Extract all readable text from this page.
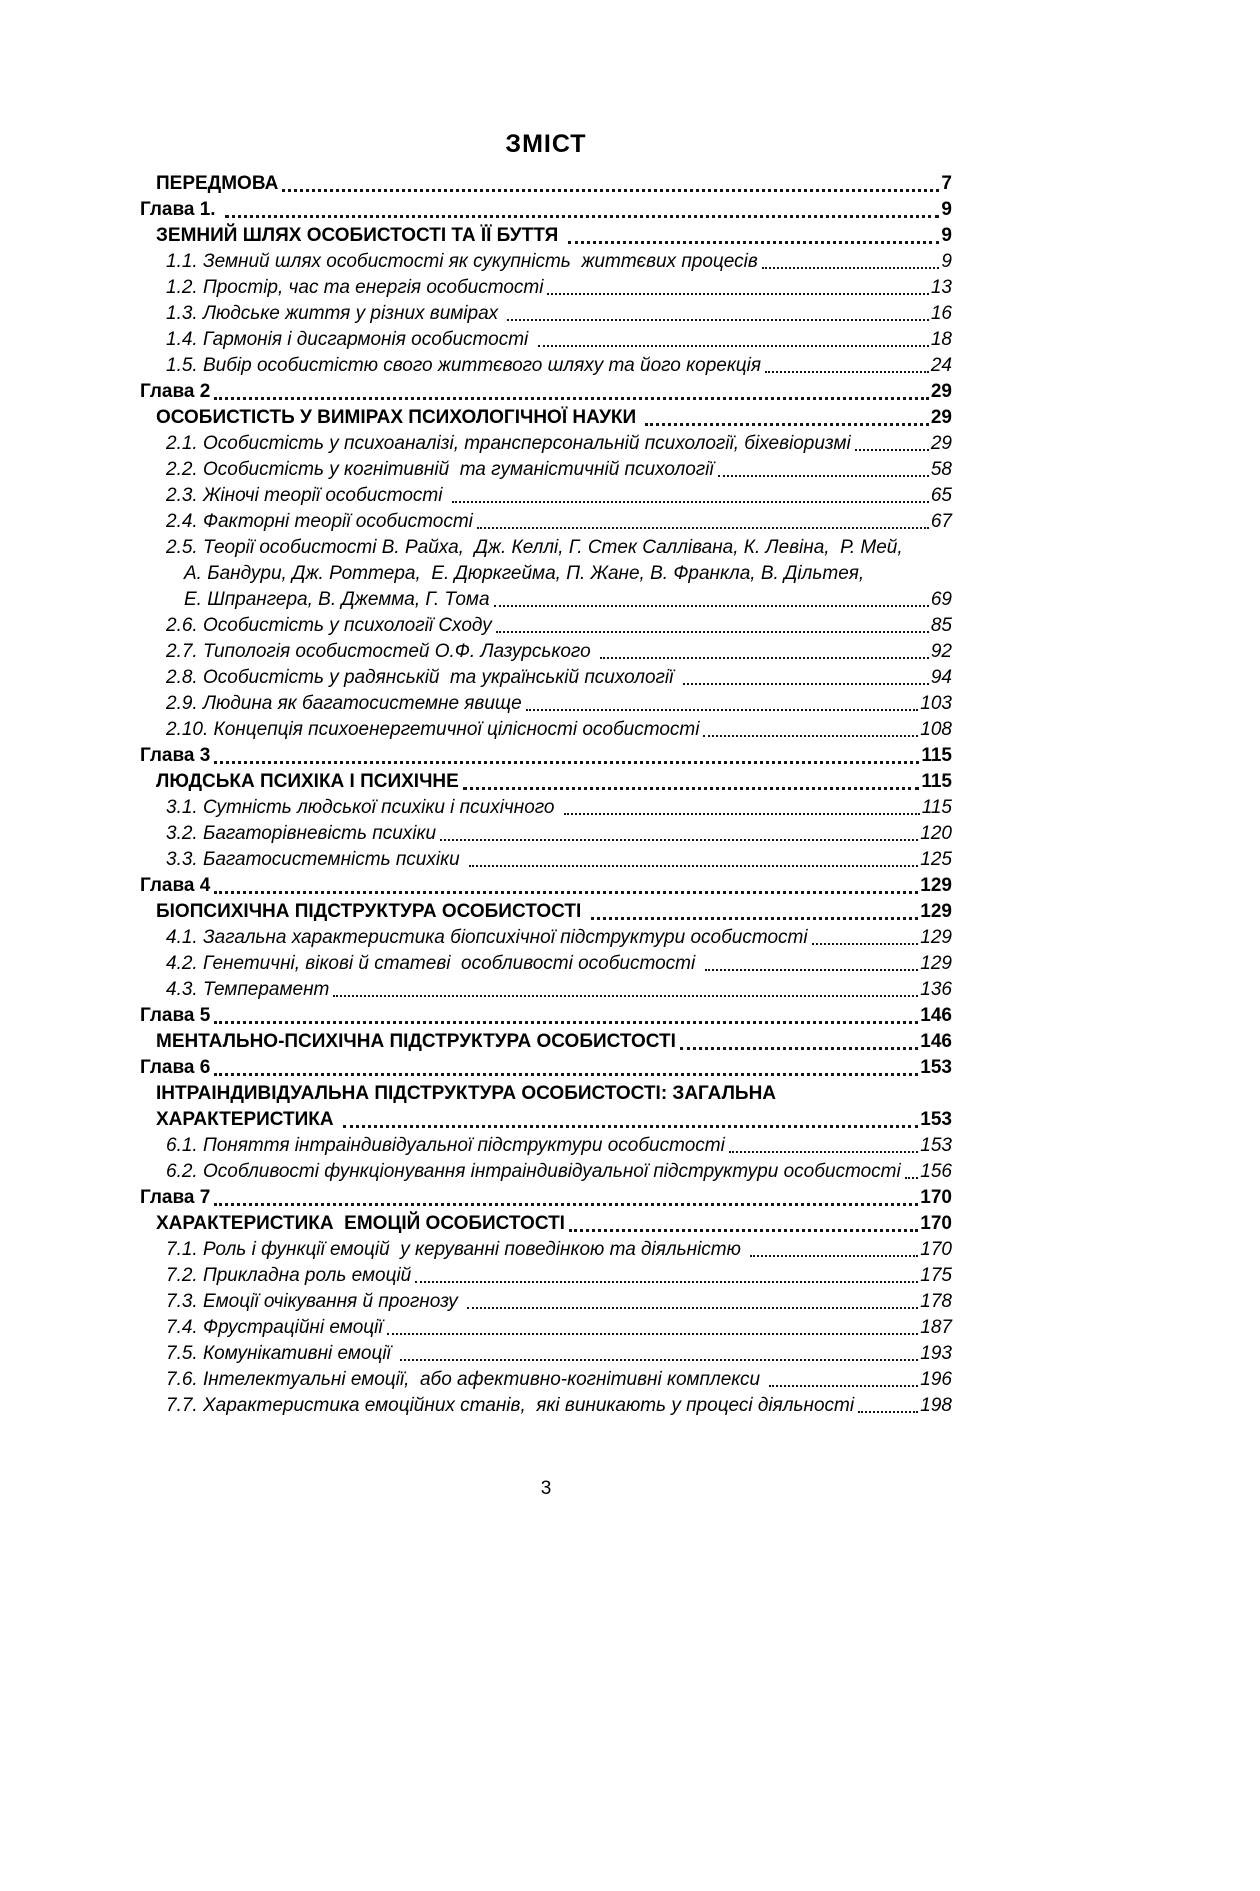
ЗМІСТ
ПЕРЕДМОВА	7
Глава 1.	9
ЗЕМНИЙ ШЛЯХ ОСОБИСТОСТІ ТА ЇЇ БУТТЯ	9
1.1. Земний шлях особистості як сукупність  життєвих процесів	9
1.2. Простір, час та енергія особистості	13
1.3. Людське життя у різних вимірах	16
1.4. Гармонія і дисгармонія особистості	18
1.5. Вибір особистістю свого життєвого шляху та його корекція	24
Глава 2	29
ОСОБИСТІСТЬ У ВИМІРАХ ПСИХОЛОГІЧНОЇ НАУКИ	29
2.1. Особистість у психоаналізі, трансперсональній психології, біхевіоризмі	29
2.2. Особистість у когнітивній  та гуманістичній психології	58
2.3. Жіночі теорії особистості	65
2.4. Факторні теорії особистості	67
2.5. Теорії особистості В. Райха,  Дж. Келлі, Г. Стек Саллівана, К. Левіна,  Р. Мей,
А. Бандури, Дж. Роттера,  Е. Дюркгейма, П. Жане, В. Франкла, В. Дільтея,
Е. Шпрангера, В. Джемма, Г. Тома	69
2.6. Особистість у психології Сходу	85
2.7. Типологія особистостей О.Ф. Лазурського	92
2.8. Особистість у радянській  та українській психології	94
2.9. Людина як багатосистемне явище	103
2.10. Концепція психоенергетичної цілісності особистості	108
Глава 3	115
ЛЮДСЬКА ПСИХІКА І ПСИХІЧНЕ	115
3.1. Сутність людської психіки і психічного	115
3.2. Багаторівневість психіки	120
3.3. Багатосистемність психіки	125
Глава 4	129
БІОПСИХІЧНА ПІДСТРУКТУРА ОСОБИСТОСТІ	129
4.1. Загальна характеристика біопсихічної підструктури особистості	129
4.2. Генетичні, вікові й статеві  особливості особистості	129
4.3. Темперамент	136
Глава 5	146
МЕНТАЛЬНО-ПСИХІЧНА ПІДСТРУКТУРА ОСОБИСТОСТІ	146
Глава 6	153
ІНТРАІНДИВІДУАЛЬНА ПІДСТРУКТУРА ОСОБИСТОСТІ: ЗАГАЛЬНА
ХАРАКТЕРИСТИКА	153
6.1. Поняття інтраіндивідуальної підструктури особистості	153
6.2. Особливості функціонування інтраіндивідуальної підструктури особистості 156
Глава 7	170
ХАРАКТЕРИСТИКА  ЕМОЦІЙ ОСОБИСТОСТІ	170
7.1. Роль і функції емоцій  у керуванні поведінкою та діяльністю	170
7.2. Прикладна роль емоцій	175
7.3. Емоції очікування й прогнозу	178
7.4. Фрустраційні емоції	187
7.5. Комунікативні емоції	193
7.6. Інтелектуальні емоції,  або афективно-когнітивні комплекси	196
7.7. Характеристика емоційних станів,  які виникають у процесі діяльності	198
3
